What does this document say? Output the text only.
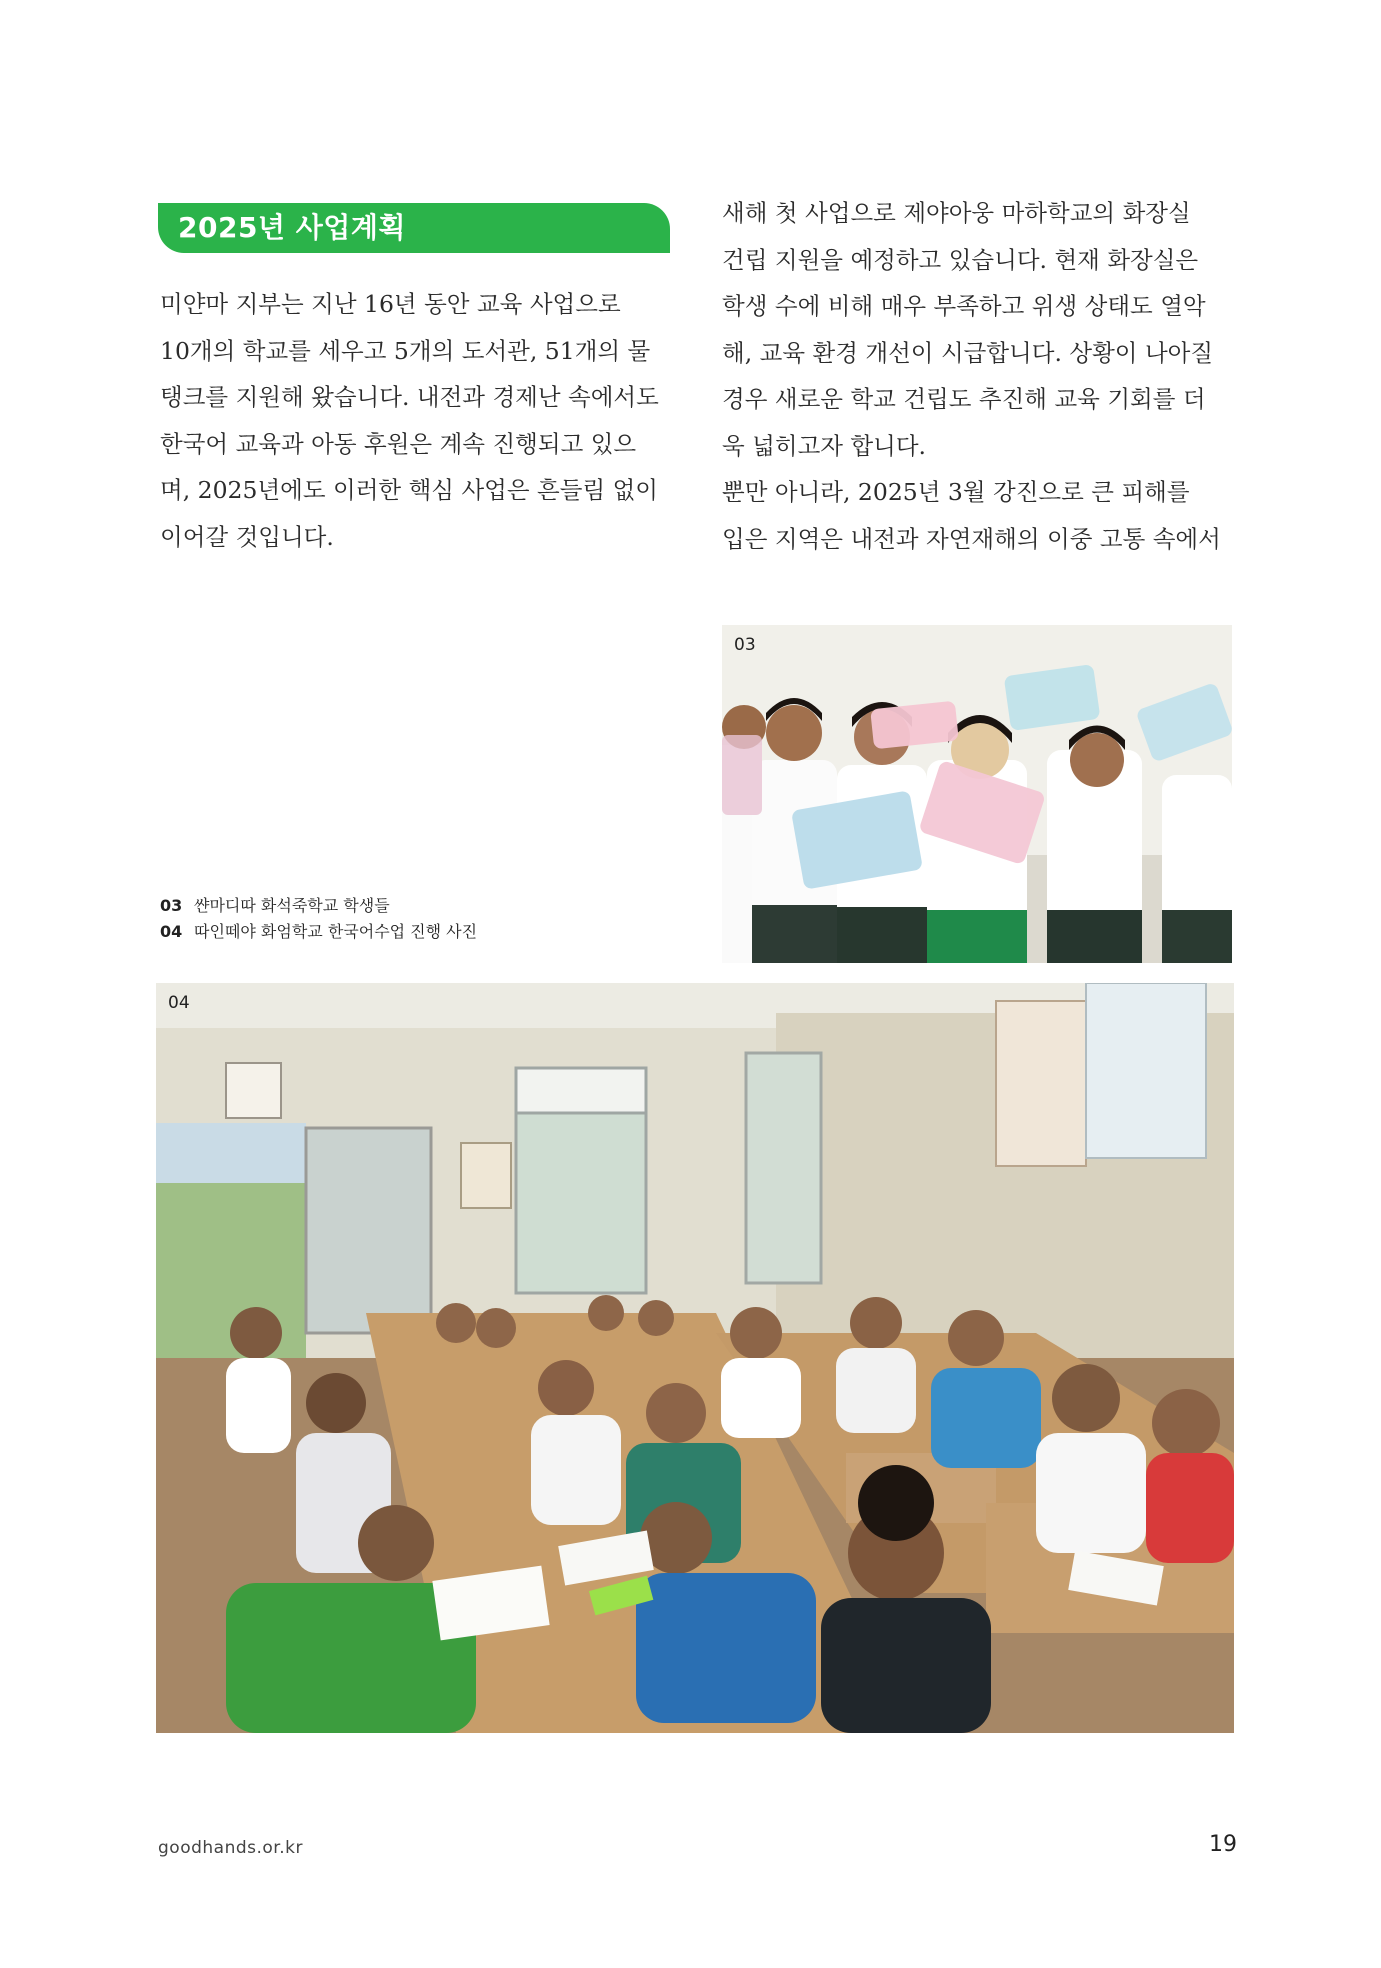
2025년 사업계획

미얀마 지부는 지난 16년 동안 교육 사업으로
10개의 학교를 세우고 5개의 도서관, 51개의 물
탱크를 지원해 왔습니다. 내전과 경제난 속에서도
한국어 교육과 아동 후원은 계속 진행되고 있으
며, 2025년에도 이러한 핵심 사업은 흔들림 없이
이어갈 것입니다.

새해 첫 사업으로 제야아웅 마하학교의 화장실
건립 지원을 예정하고 있습니다. 현재 화장실은
학생 수에 비해 매우 부족하고 위생 상태도 열악
해, 교육 환경 개선이 시급합니다. 상황이 나아질
경우 새로운 학교 건립도 추진해 교육 기회를 더
욱 넓히고자 합니다.

뿐만 아니라, 2025년 3월 강진으로 큰 피해를
입은 지역은 내전과 자연재해의 이중 고통 속에서

03 쌴마디따 화석죽학교 학생들
04 따인떼야 화엄학교 한국어수업 진행 사진
03
04
goodhands.or.kr	19
